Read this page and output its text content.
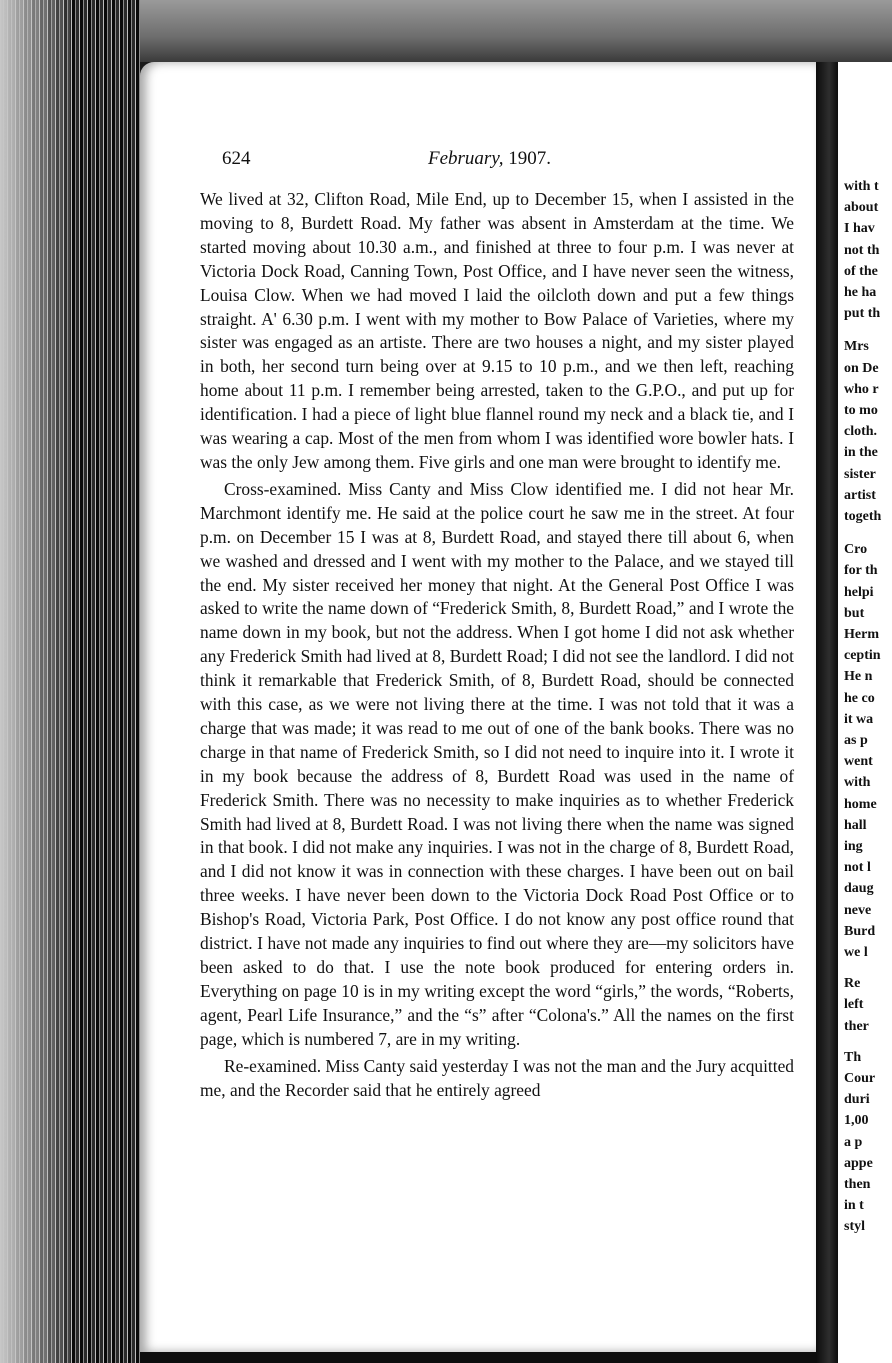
with t
about
I hav
not th
of the
he ha
put th
Mrs
on De
who r
to mo
cloth.
in the
sister
artist
togeth
Cro
for th
helpi
but
Herm
ceptin
He n
he co
it wa
as p
went
with
home
hall
ing
not l
daug
neve
Burd
we l
Re
left
ther
Th
Cour
duri
1,00
a p
appe
then
in t
styl
624	February, 1907.

We lived at 32, Clifton Road, Mile End, up to December 15, when I assisted in the moving to 8, Burdett Road. My father was absent in Amsterdam at the time. We started moving about 10.30 a.m., and finished at three to four p.m. I was never at Victoria Dock Road, Canning Town, Post Office, and I have never seen the witness, Louisa Clow. When we had moved I laid the oilcloth down and put a few things straight. A' 6.30 p.m. I went with my mother to Bow Palace of Varieties, where my sister was engaged as an artiste. There are two houses a night, and my sister played in both, her second turn being over at 9.15 to 10 p.m., and we then left, reaching home about 11 p.m. I remember being arrested, taken to the G.P.O., and put up for identification. I had a piece of light blue flannel round my neck and a black tie, and I was wearing a cap. Most of the men from whom I was identified wore bowler hats. I was the only Jew among them. Five girls and one man were brought to identify me.

Cross-examined. Miss Canty and Miss Clow identified me. I did not hear Mr. Marchmont identify me. He said at the police court he saw me in the street. At four p.m. on December 15 I was at 8, Burdett Road, and stayed there till about 6, when we washed and dressed and I went with my mother to the Palace, and we stayed till the end. My sister received her money that night. At the General Post Office I was asked to write the name down of “Frederick Smith, 8, Burdett Road,” and I wrote the name down in my book, but not the address. When I got home I did not ask whether any Frederick Smith had lived at 8, Burdett Road; I did not see the landlord. I did not think it remarkable that Frederick Smith, of 8, Burdett Road, should be connected with this case, as we were not living there at the time. I was not told that it was a charge that was made; it was read to me out of one of the bank books. There was no charge in that name of Frederick Smith, so I did not need to inquire into it. I wrote it in my book because the address of 8, Burdett Road was used in the name of Frederick Smith. There was no necessity to make inquiries as to whether Frederick Smith had lived at 8, Burdett Road. I was not living there when the name was signed in that book. I did not make any inquiries. I was not in the charge of 8, Burdett Road, and I did not know it was in connection with these charges. I have been out on bail three weeks. I have never been down to the Victoria Dock Road Post Office or to Bishop's Road, Victoria Park, Post Office. I do not know any post office round that district. I have not made any inquiries to find out where they are—my solicitors have been asked to do that. I use the note book produced for entering orders in. Everything on page 10 is in my writing except the word “girls,” the words, “Roberts, agent, Pearl Life Insurance,” and the “s” after “Colona's.” All the names on the first page, which is numbered 7, are in my writing.

Re-examined. Miss Canty said yesterday I was not the man and the Jury acquitted me, and the Recorder said that he entirely agreed
